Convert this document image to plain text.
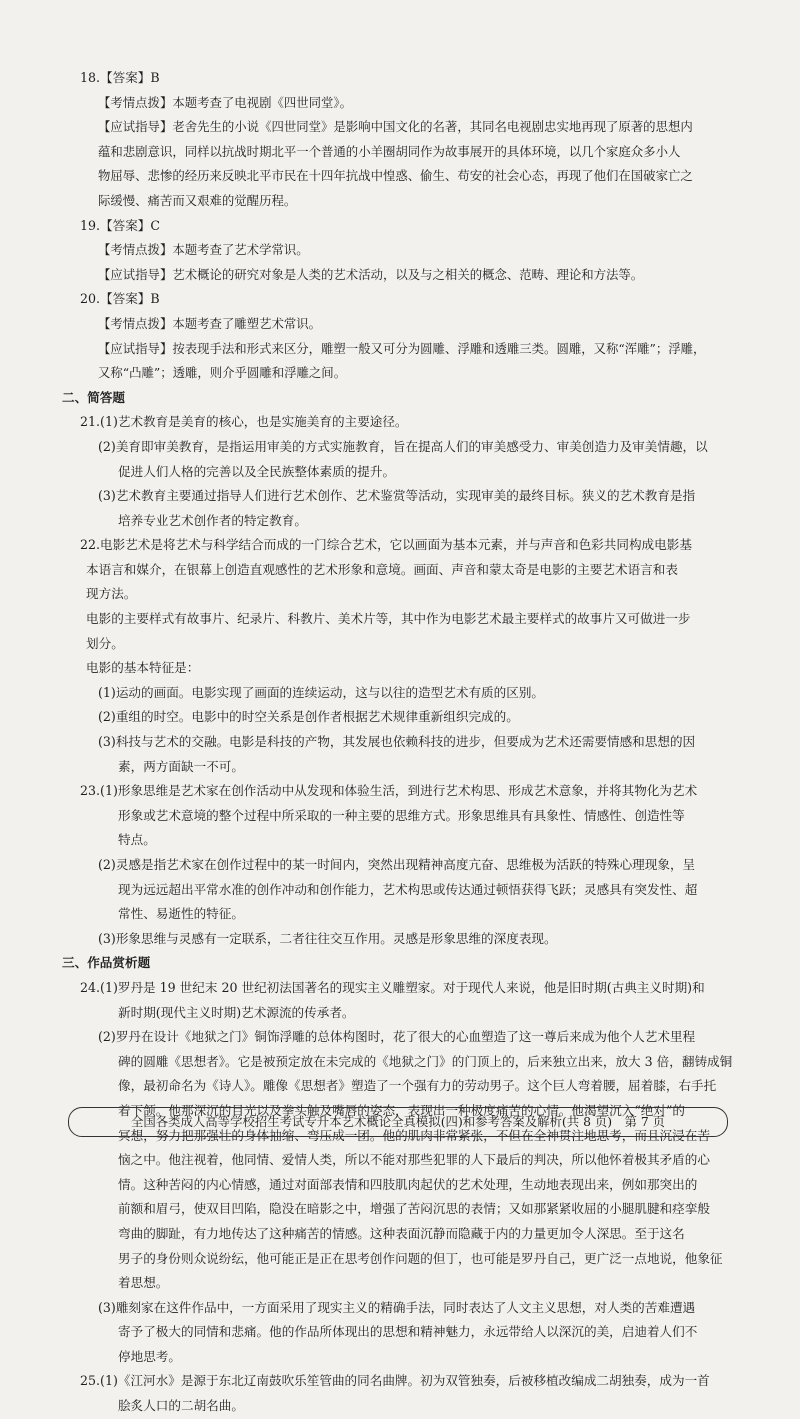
18.【答案】B
【考情点拨】本题考查了电视剧《四世同堂》。
【应试指导】老舍先生的小说《四世同堂》是影响中国文化的名著，其同名电视剧忠实地再现了原著的思想内
蕴和悲剧意识，同样以抗战时期北平一个普通的小羊圈胡同作为故事展开的具体环境，以几个家庭众多小人
物屈辱、悲惨的经历来反映北平市民在十四年抗战中惶惑、偷生、苟安的社会心态，再现了他们在国破家亡之
际缓慢、痛苦而又艰难的觉醒历程。
19.【答案】C
【考情点拨】本题考查了艺术学常识。
【应试指导】艺术概论的研究对象是人类的艺术活动，以及与之相关的概念、范畴、理论和方法等。
20.【答案】B
【考情点拨】本题考查了雕塑艺术常识。
【应试指导】按表现手法和形式来区分，雕塑一般又可分为圆雕、浮雕和透雕三类。圆雕，又称“浑雕”；浮雕，
又称“凸雕”；透雕，则介乎圆雕和浮雕之间。
二、简答题
21.(1)艺术教育是美育的核心，也是实施美育的主要途径。
(2)美育即审美教育，是指运用审美的方式实施教育，旨在提高人们的审美感受力、审美创造力及审美情趣，以
促进人们人格的完善以及全民族整体素质的提升。
(3)艺术教育主要通过指导人们进行艺术创作、艺术鉴赏等活动，实现审美的最终目标。狭义的艺术教育是指
培养专业艺术创作者的特定教育。
22.电影艺术是将艺术与科学结合而成的一门综合艺术，它以画面为基本元素，并与声音和色彩共同构成电影基
本语言和媒介，在银幕上创造直观感性的艺术形象和意境。画面、声音和蒙太奇是电影的主要艺术语言和表
现方法。
电影的主要样式有故事片、纪录片、科教片、美术片等，其中作为电影艺术最主要样式的故事片又可做进一步
划分。
电影的基本特征是：
(1)运动的画面。电影实现了画面的连续运动，这与以往的造型艺术有质的区别。
(2)重组的时空。电影中的时空关系是创作者根据艺术规律重新组织完成的。
(3)科技与艺术的交融。电影是科技的产物，其发展也依赖科技的进步，但要成为艺术还需要情感和思想的因
素，两方面缺一不可。
23.(1)形象思维是艺术家在创作活动中从发现和体验生活，到进行艺术构思、形成艺术意象，并将其物化为艺术
形象或艺术意境的整个过程中所采取的一种主要的思维方式。形象思维具有具象性、情感性、创造性等
特点。
(2)灵感是指艺术家在创作过程中的某一时间内，突然出现精神高度亢奋、思维极为活跃的特殊心理现象，呈
现为远远超出平常水准的创作冲动和创作能力，艺术构思或传达通过顿悟获得飞跃；灵感具有突发性、超
常性、易逝性的特征。
(3)形象思维与灵感有一定联系，二者往往交互作用。灵感是形象思维的深度表现。
三、作品赏析题
24.(1)罗丹是 19 世纪末 20 世纪初法国著名的现实主义雕塑家。对于现代人来说，他是旧时期(古典主义时期)和
新时期(现代主义时期)艺术源流的传承者。
(2)罗丹在设计《地狱之门》铜饰浮雕的总体构图时，花了很大的心血塑造了这一尊后来成为他个人艺术里程
碑的圆雕《思想者》。它是被预定放在未完成的《地狱之门》的门顶上的，后来独立出来，放大 3 倍，翻铸成铜
像，最初命名为《诗人》。雕像《思想者》塑造了一个强有力的劳动男子。这个巨人弯着腰，屈着膝，右手托
着下颌。他那深沉的目光以及拳头触及嘴唇的姿态，表现出一种极度痛苦的心情。他渴望沉入“绝对”的
冥想，努力把那强壮的身体抽缩、弯压成一团。他的肌肉非常紧张，不但在全神贯注地思考，而且沉浸在苦
恼之中。他注视着，他同情、爱情人类，所以不能对那些犯罪的人下最后的判决，所以他怀着极其矛盾的心
情。这种苦闷的内心情感，通过对面部表情和四肢肌肉起伏的艺术处理，生动地表现出来，例如那突出的
前额和眉弓，使双目凹陷，隐没在暗影之中，增强了苦闷沉思的表情；又如那紧紧收屈的小腿肌腱和痉挛般
弯曲的脚趾，有力地传达了这种痛苦的情感。这种表面沉静而隐藏于内的力量更加令人深思。至于这名
男子的身份则众说纷纭，他可能正是正在思考创作问题的但丁，也可能是罗丹自己，更广泛一点地说，他象征
着思想。
(3)雕刻家在这件作品中，一方面采用了现实主义的精确手法，同时表达了人文主义思想，对人类的苦难遭遇
寄予了极大的同情和悲痛。他的作品所体现出的思想和精神魅力，永远带给人以深沉的美，启迪着人们不
停地思考。
25.(1)《江河水》是源于东北辽南鼓吹乐笙管曲的同名曲牌。初为双管独奏，后被移植改编成二胡独奏，成为一首
脍炙人口的二胡名曲。
全国各类成人高等学校招生考试专升本艺术概论全真模拟(四)和参考答案及解析(共 8 页)　第 7 页
